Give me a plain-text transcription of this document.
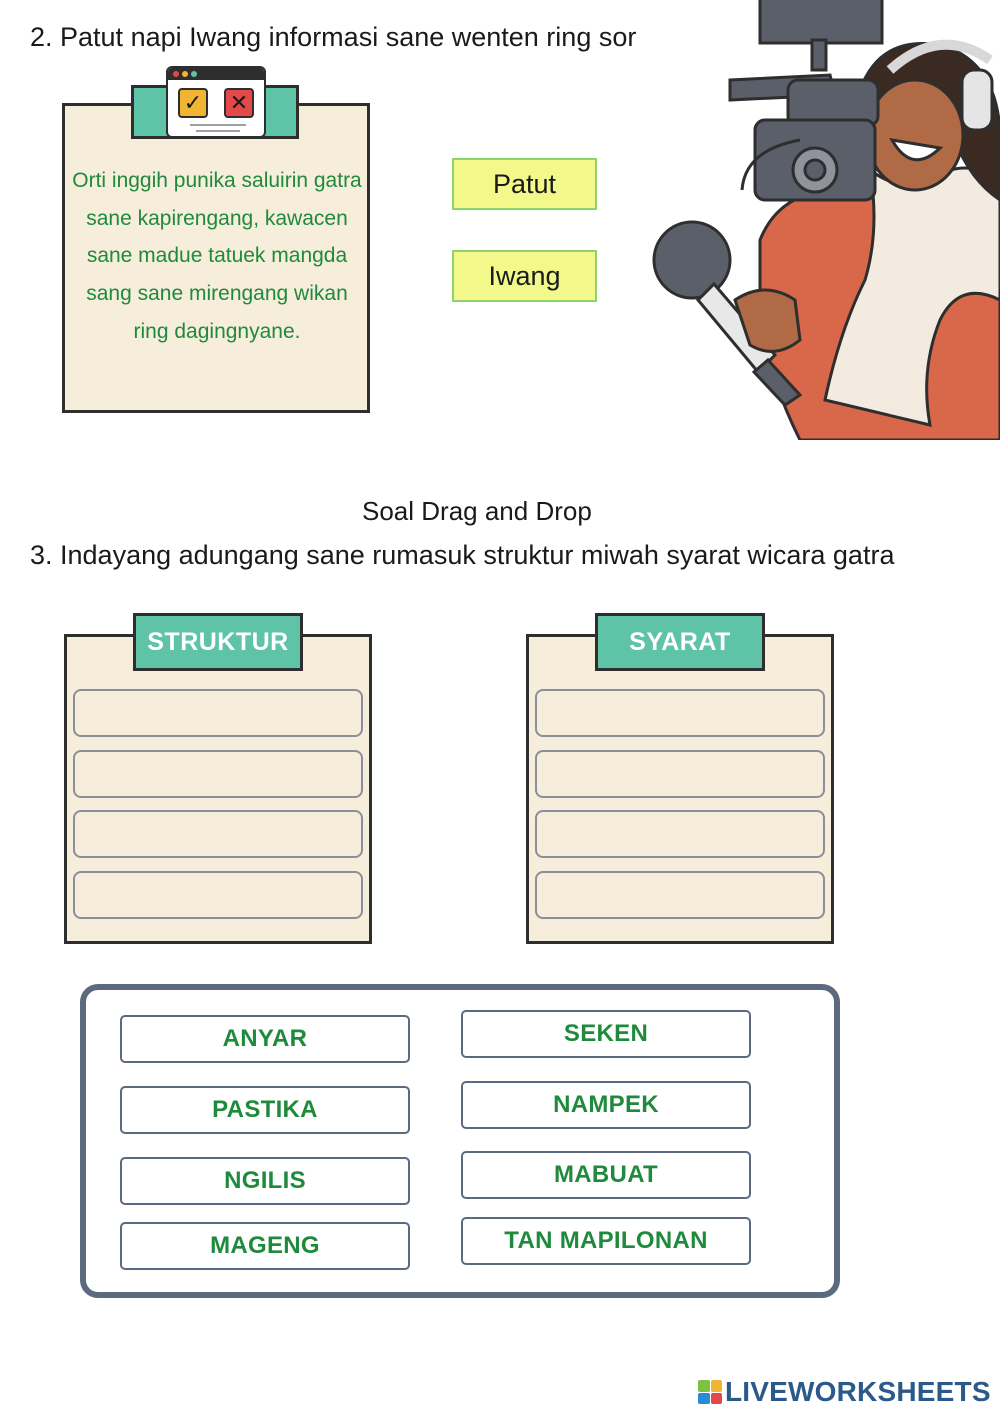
2. Patut napi Iwang informasi sane wenten ring sor
✓ ✕
Orti inggih punika saluirin gatra sane kapirengang, kawacen sane madue tatuek mangda sang sane mirengang wikan ring dagingnyane.
Patut
Iwang
Soal Drag and Drop
3. Indayang adungang sane rumasuk struktur miwah syarat wicara gatra
STRUKTUR	SYARAT
ANYAR
PASTIKA
NGILIS
MAGENG
SEKEN
NAMPEK
MABUAT
TAN MAPILONAN
LIVEWORKSHEETS
